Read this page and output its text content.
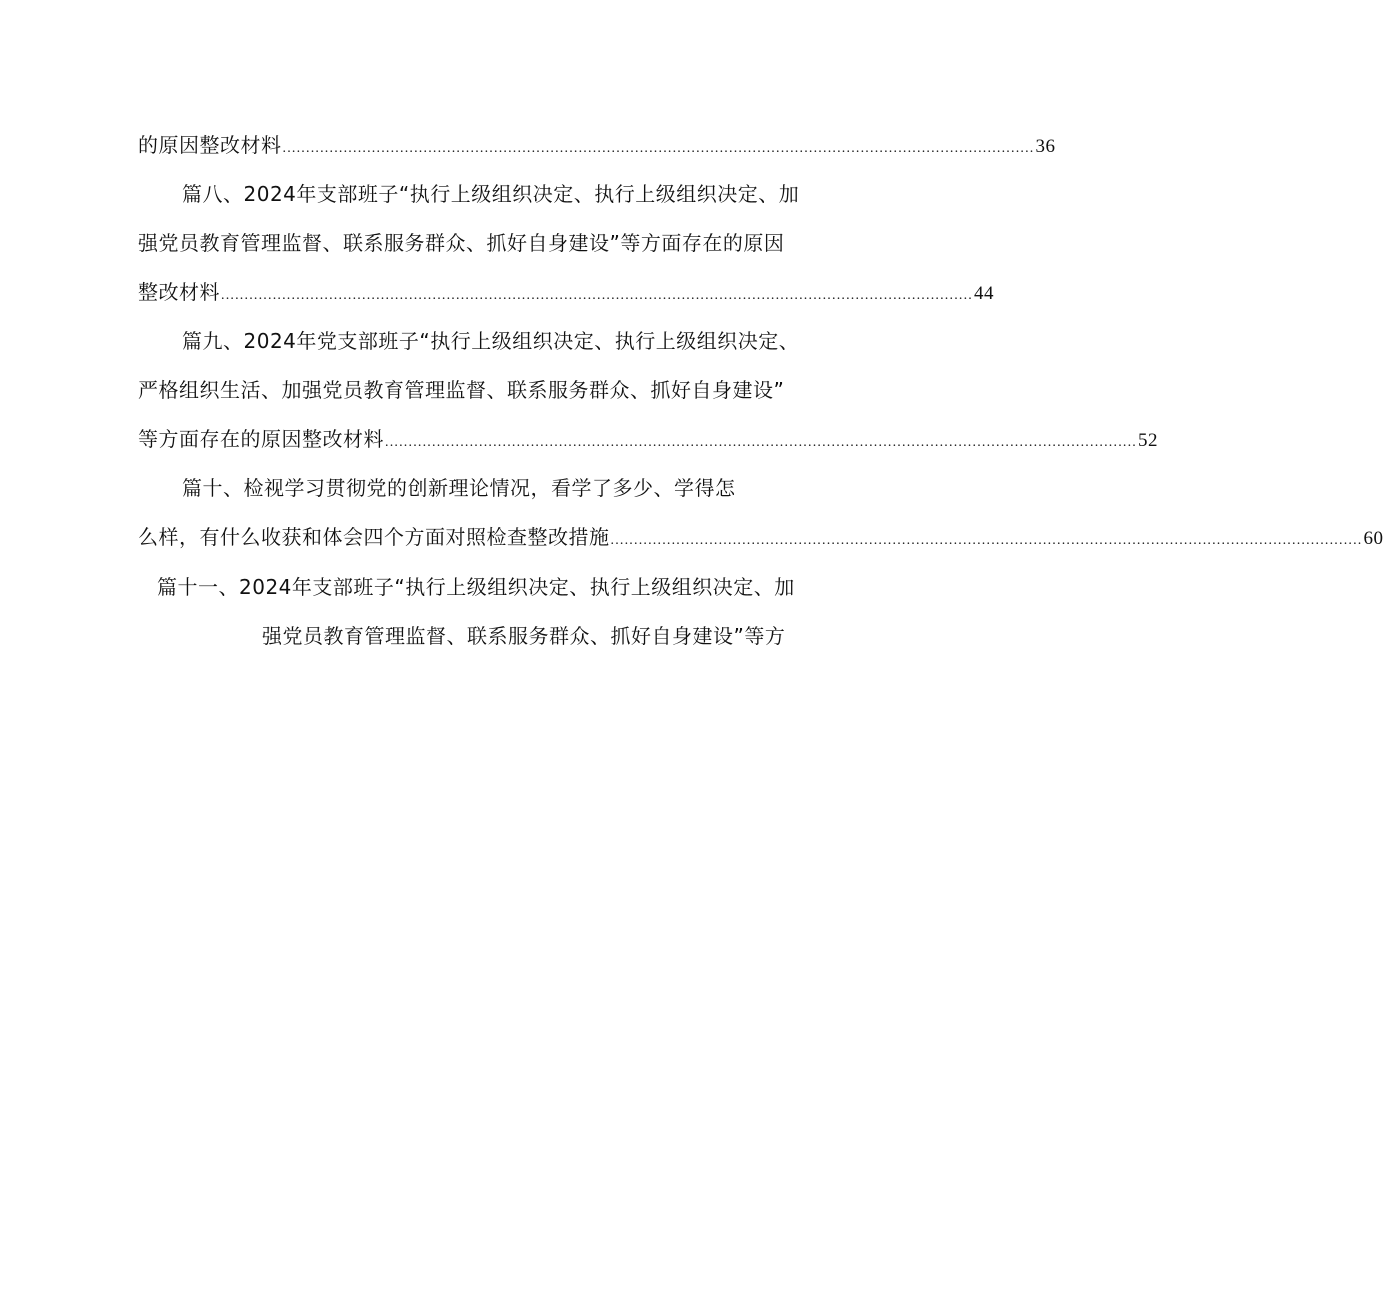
的原因整改材料 ................................................................................................................................................................ 36
篇八、2024年支部班子“执行上级组织决定、执行上级组织决定、加
强党员教育管理监督、联系服务群众、抓好自身建设”等方面存在的原因
整改材料 ................................................................................................................................................................ 44
篇九、2024年党支部班子“执行上级组织决定、执行上级组织决定、
严格组织生活、加强党员教育管理监督、联系服务群众、抓好自身建设”
等方面存在的原因整改材料 ................................................................................................................................................................ 52
篇十、检视学习贯彻党的创新理论情况，看学了多少、学得怎
么样，有什么收获和体会四个方面对照检查整改措施 ................................................................................................................................................................ 60
篇十一、2024年支部班子“执行上级组织决定、执行上级组织决定、加
强党员教育管理监督、联系服务群众、抓好自身建设”等方
